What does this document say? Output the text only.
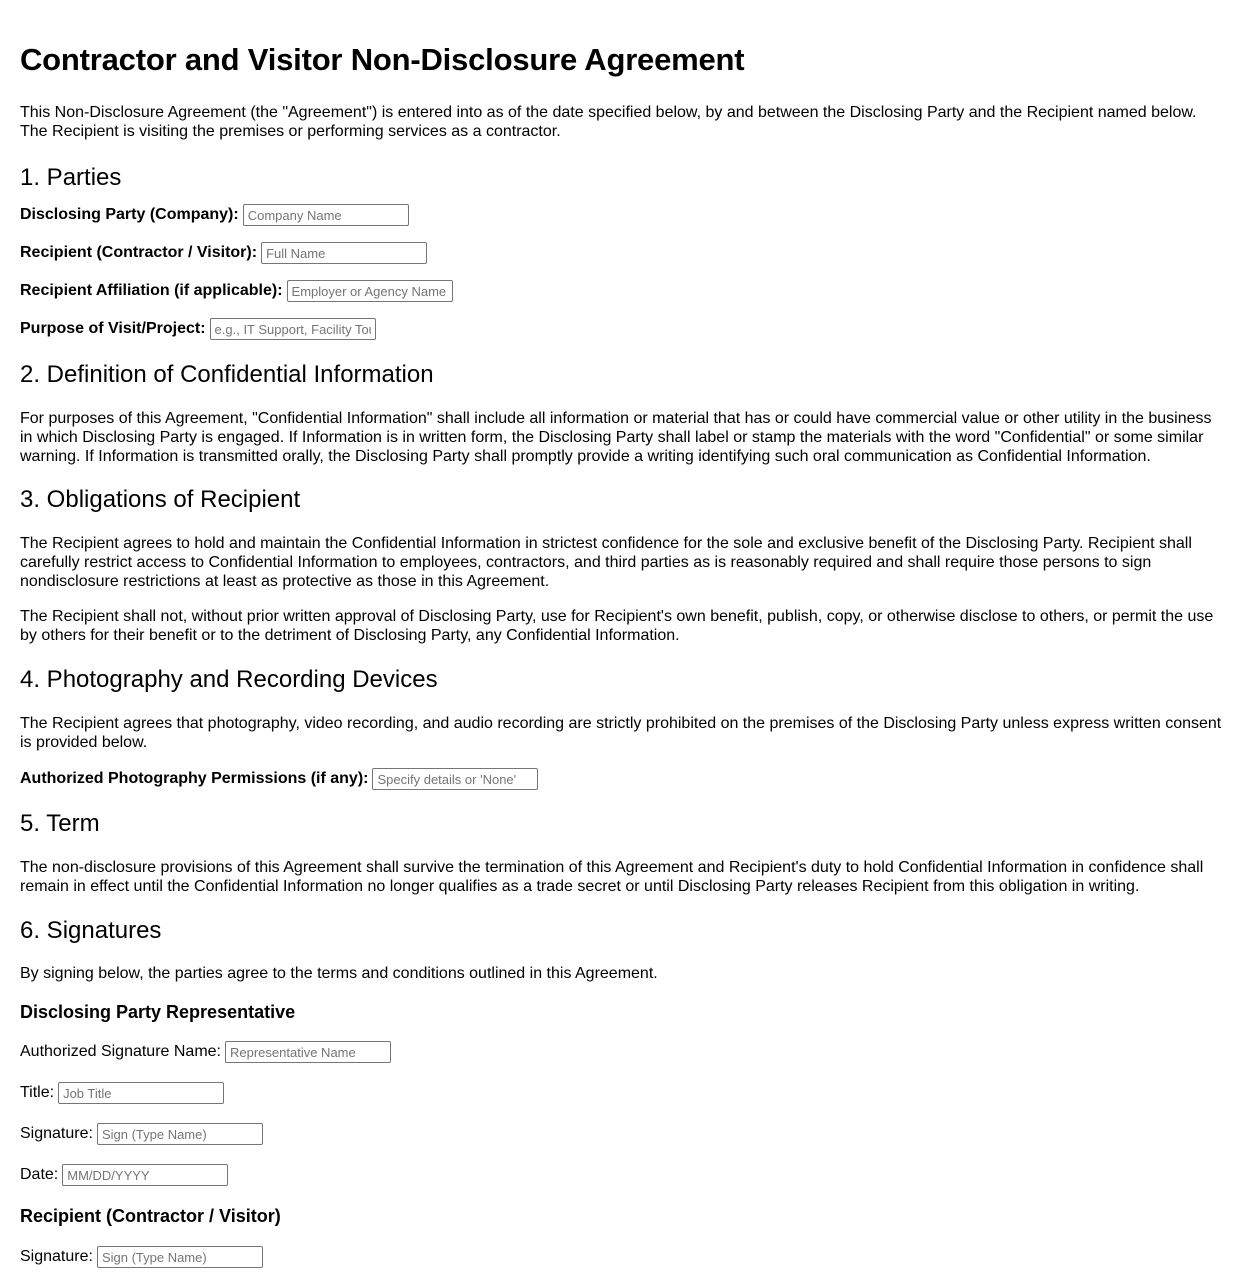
Contractor and Visitor Non-Disclosure Agreement

This Non-Disclosure Agreement (the "Agreement") is entered into as of the date specified below, by and between the Disclosing Party and the Recipient named below. The Recipient is visiting the premises or performing services as a contractor.

1. Parties
Disclosing Party (Company):
Company Name
Recipient (Contractor / Visitor):
Full Name
Recipient Affiliation (if applicable):
Employer or Agency Name
Purpose of Visit/Project:
e.g., IT Support, Facility Tour
2. Definition of Confidential Information

For purposes of this Agreement, "Confidential Information" shall include all information or material that has or could have commercial value or other utility in the business in which Disclosing Party is engaged. If Information is in written form, the Disclosing Party shall label or stamp the materials with the word "Confidential" or some similar warning. If Information is transmitted orally, the Disclosing Party shall promptly provide a writing identifying such oral communication as Confidential Information.

3. Obligations of Recipient

The Recipient agrees to hold and maintain the Confidential Information in strictest confidence for the sole and exclusive benefit of the Disclosing Party. Recipient shall carefully restrict access to Confidential Information to employees, contractors, and third parties as is reasonably required and shall require those persons to sign nondisclosure restrictions at least as protective as those in this Agreement.

The Recipient shall not, without prior written approval of Disclosing Party, use for Recipient's own benefit, publish, copy, or otherwise disclose to others, or permit the use by others for their benefit or to the detriment of Disclosing Party, any Confidential Information.

4. Photography and Recording Devices

The Recipient agrees that photography, video recording, and audio recording are strictly prohibited on the premises of the Disclosing Party unless express written consent is provided below.

Authorized Photography Permissions (if any):
Specify details or 'None'
5. Term

The non-disclosure provisions of this Agreement shall survive the termination of this Agreement and Recipient's duty to hold Confidential Information in confidence shall remain in effect until the Confidential Information no longer qualifies as a trade secret or until Disclosing Party releases Recipient from this obligation in writing.

6. Signatures

By signing below, the parties agree to the terms and conditions outlined in this Agreement.

Disclosing Party Representative
Authorized Signature Name:
Representative Name
Title:
Job Title
Signature:
Sign (Type Name)
Date:
MM/DD/YYYY
Recipient (Contractor / Visitor)
Signature:
Sign (Type Name)
